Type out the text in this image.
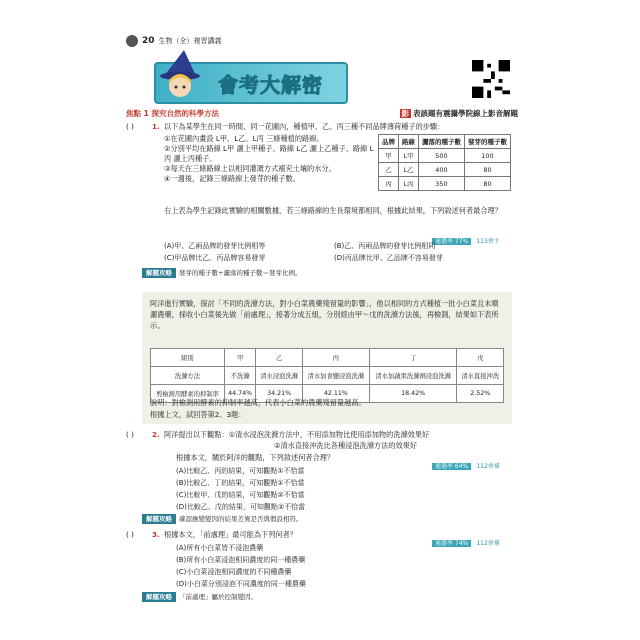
20 生物（全）複習講義
會考大解密
焦點 1 探究自然的科學方法	影 表該題有震攝學院線上影音解題
( )	1. 以下為某學生在同一時間、同一花圃內，種植甲、乙、丙三種不同品牌薄荷種子的步驟：
①在花圃內畫設 L甲、L乙、L丙 三條種植的路線。
②分別平均在路線 L甲 灑上甲種子、路線 L乙 灑上乙種子、路線 L丙 灑上丙種子。
③每天在三條路線上以相同灌溉方式補充土壤的水分。
④一週後，記錄三條路線上發芽的種子數。
品牌	路線	灑落的種子數	發芽的種子數
甲	L甲	500	100
乙	L乙	400	80
丙	L丙	350	80
右上表為學生記錄此實驗的相關數據，若三條路線的生長環境都相同，根據此結果，下列敘述何者最合理？
通過率 77% 113會主
(A)甲、乙兩品牌的發芽比例相等	(B)乙、丙兩品牌的發芽比例相同
(C)甲品牌比乙、丙品牌容易發芽	(D)丙品牌比甲、乙品牌不容易發芽
解題攻略 發芽的種子數÷灑落的種子數＝發芽比例。
阿洋進行實驗，探討「不同的洗滌方法，對小白菜農藥殘留量的影響」，他以相同的方式種植一批小白菜且未噴灑農藥，採收小白菜後先做「前處理」，接著分成五組，分別經由甲～戊的洗滌方法後，再檢測，結果如下表所示。
組別	甲	乙	丙	丁	戊
洗滌方法	不洗滌	清水浸泡洗滌	清水加食鹽浸泡洗滌	清水加蔬果洗滌劑浸泡洗滌	清水直接沖洗
剪檢測用酵素的抑制率	44.74%	34.21%	42.11%	18.42%	2.52%
說明：對檢測用酵素的抑制率越高，代表小白菜的農藥殘留量越高。
根據上文，試回答第2、3題：
( )	2. 阿洋提出以下觀點：①清水浸泡洗滌方法中，不用添加物比使用添加物的洗滌效果好
②清水直接沖洗比各種浸泡洗滌方法的效果好
根據本文，關於阿洋的觀點，下列敘述何者合理？
通過率 64% 112會補
(A)比較乙、丙的結果，可知觀點①不恰當
(B)比較乙、丁的結果，可知觀點①不恰當
(C)比較甲、戊的結果，可知觀點②不恰當
(D)比較乙、戊的結果，可知觀點②不恰當
解題攻略 確認應變變因的結果差異是否與假設相符。
( )	3. 根據本文，「前處理」最可能為下列何者？
通過率 74% 112會補
(A)所有小白菜皆不浸泡農藥
(B)所有小白菜浸泡相同濃度的同一種農藥
(C)小白菜浸泡相同濃度的不同種農藥
(D)小白菜分別浸泡不同濃度的同一種農藥
解題攻略 「前處理」屬於控制變因。
